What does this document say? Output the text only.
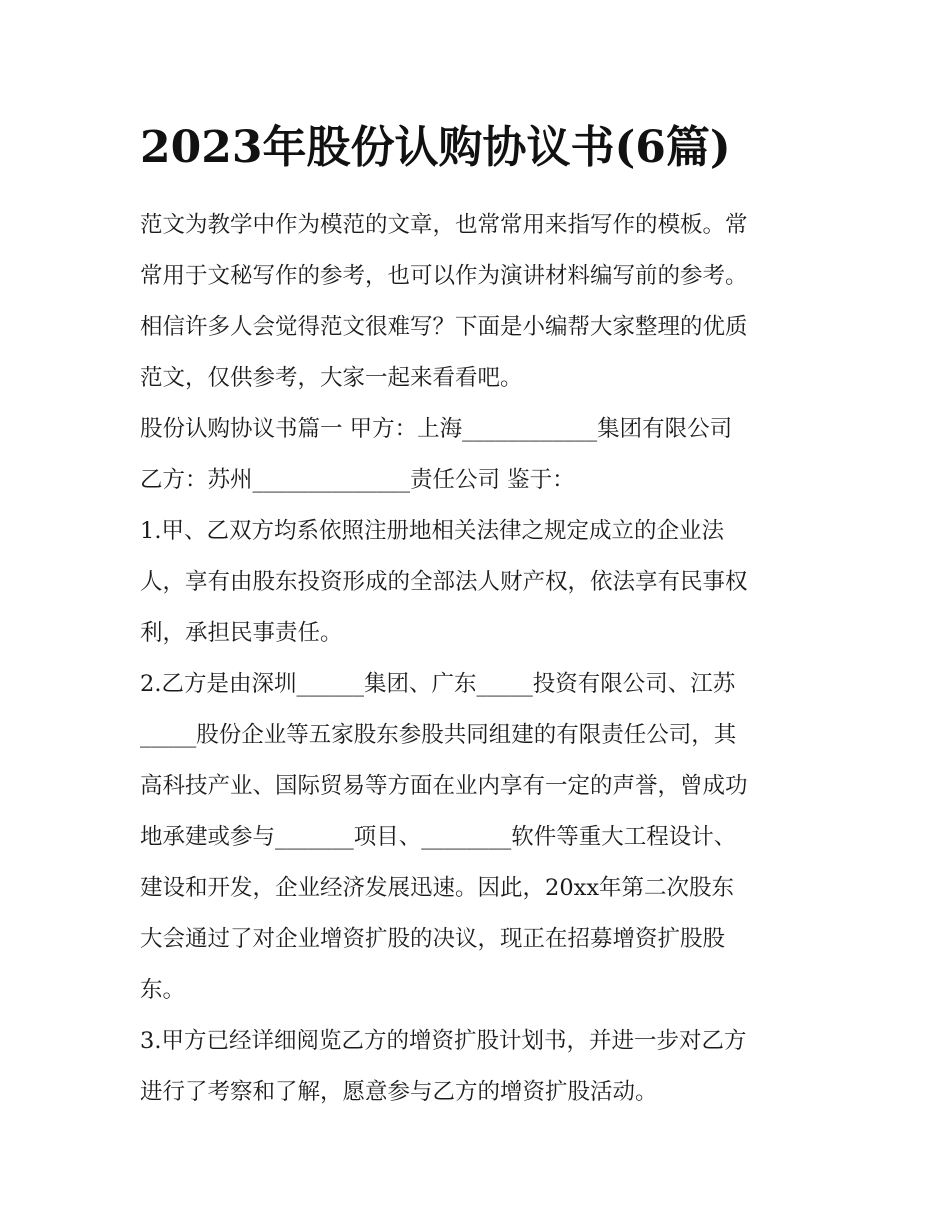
2023年股份认购协议书(6篇)
范文为教学中作为模范的文章，也常常用来指写作的模板。常
常用于文秘写作的参考，也可以作为演讲材料编写前的参考。
相信许多人会觉得范文很难写？下面是小编帮大家整理的优质
范文，仅供参考，大家一起来看看吧。
股份认购协议书篇一 甲方：上海____________集团有限公司
乙方：苏州______________责任公司 鉴于：
1.甲、乙双方均系依照注册地相关法律之规定成立的企业法
人，享有由股东投资形成的全部法人财产权，依法享有民事权
利，承担民事责任。
2.乙方是由深圳______集团、广东_____投资有限公司、江苏
_____股份企业等五家股东参股共同组建的有限责任公司，其
高科技产业、国际贸易等方面在业内享有一定的声誉，曾成功
地承建或参与_______项目、________软件等重大工程设计、
建设和开发，企业经济发展迅速。因此，20xx年第二次股东
大会通过了对企业增资扩股的决议，现正在招募增资扩股股
东。
3.甲方已经详细阅览乙方的增资扩股计划书，并进一步对乙方
进行了考察和了解，愿意参与乙方的增资扩股活动。
